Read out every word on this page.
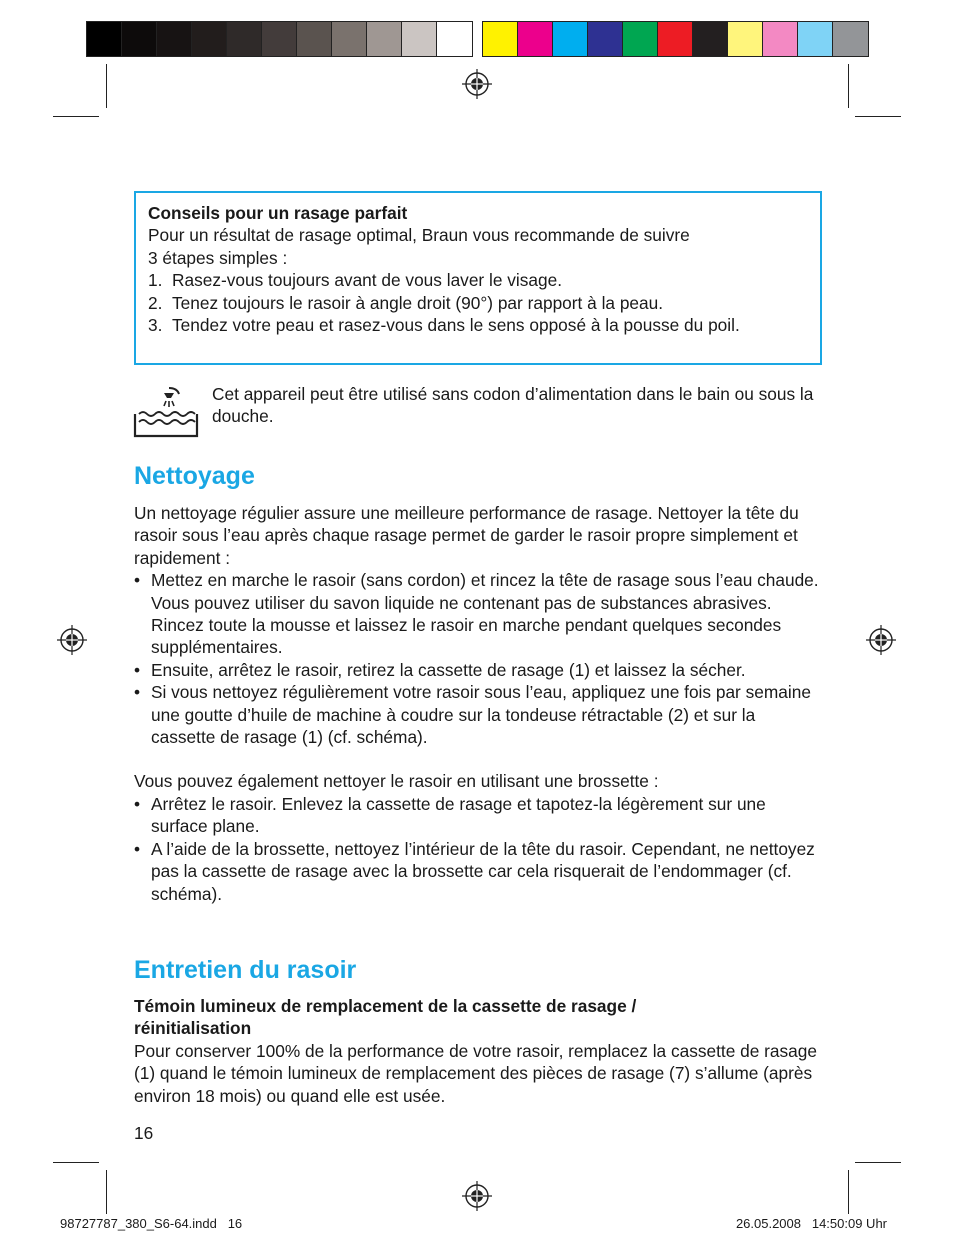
Conseils pour un rasage parfait

Pour un résultat de rasage optimal, Braun vous recommande de suivre

3 étapes simples :

1. Rasez-vous toujours avant de vous laver le visage.
2. Tenez toujours le rasoir à angle droit (90°) par rapport à la peau.
3. Tendez votre peau et rasez-vous dans le sens opposé à la pousse du poil.

Cet appareil peut être utilisé sans codon d’alimentation dans le bain ou sous la douche.

Nettoyage

Un nettoyage régulier assure une meilleure performance de rasage. Nettoyer la tête du rasoir sous l’eau après chaque rasage permet de garder le rasoir propre simplement et rapidement :

• Mettez en marche le rasoir (sans cordon) et rincez la tête de rasage sous l’eau chaude. Vous pouvez utiliser du savon liquide ne contenant pas de substances abrasives. Rincez toute la mousse et laissez le rasoir en marche pendant quelques secondes supplémentaires.
• Ensuite, arrêtez le rasoir, retirez la cassette de rasage (1) et laissez la sécher.
• Si vous nettoyez régulièrement votre rasoir sous l’eau, appliquez une fois par semaine une goutte d’huile de machine à coudre sur la tondeuse rétractable (2) et sur la cassette de rasage (1) (cf. schéma).

Vous pouvez également nettoyer le rasoir en utilisant une brossette :

• Arrêtez le rasoir. Enlevez la cassette de rasage et tapotez-la légèrement sur une surface plane.
• A l’aide de la brossette, nettoyez l’intérieur de la tête du rasoir. Cependant, ne nettoyez pas la cassette de rasage avec la brossette car cela risquerait de l’endommager (cf. schéma).
Entretien du rasoir

Témoin lumineux de remplacement de la cassette de rasage / réinitialisation

Pour conserver 100% de la performance de votre rasoir, remplacez la cassette de rasage (1) quand le témoin lumineux de remplacement des pièces de rasage (7) s’allume (après environ 18 mois) ou quand elle est usée.

16
98727787_380_S6-64.indd   16	26.05.2008   14:50:09 Uhr
